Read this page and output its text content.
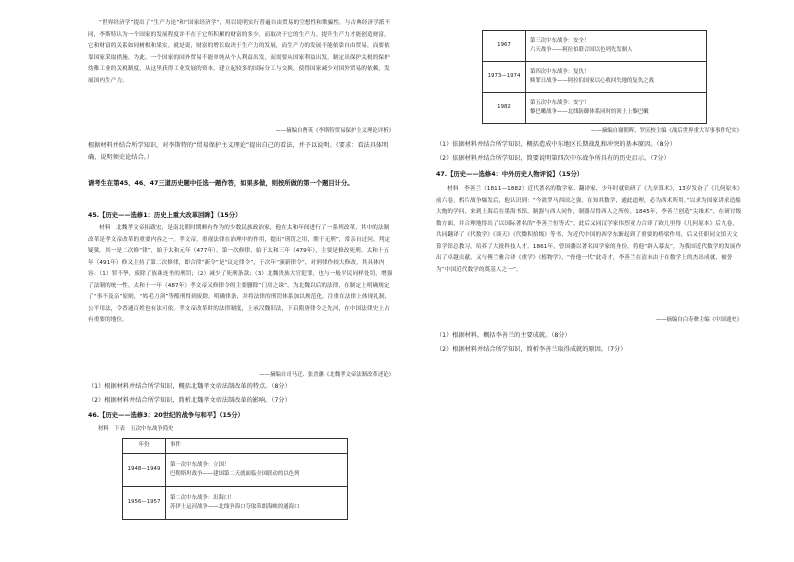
“世界经济学”提出了“生产力论”和“国家经济学”，用以说明实行普遍自由贸易的空想性和欺骗性。与古典经济学派不同，李斯特认为一个国家的发展程度并不在于它所积累的财富的多少，而取决于它的生产力。提升生产力才能创造财富，它和财富的关系如同树根和果实。就是说，财富的增长取决于生产力的发展，而生产力的发展不能依靠自由贸易，而要依靠国家采取措施。为此，一个国家的国外贸易不能单纯从个人利益出发，而需要从国家利益出发，制定出保护关税的保护幼稚工业的关税制度，从这里获得工业发展的资本，建立起较多的国际分工与交换，使得国家减少对国外贸易的依赖，发展国内生产力。
——摘编自曹英《李斯特贸易保护主义理论评析》
根据材料并结合所学知识，对李斯特的“贸易保护主义理论”提出自己的看法，并予以说明。（要求：看法具体明确，说明须史论结合。）
请考生在第45、46、47三道历史题中任选一题作答，如果多做，则按所做的第一个题目计分。
45.【历史——选修1：历史上重大改革回眸】（15分）
材料　北魏孝文帝拓跋宏，是南北朝时期颇有作为的少数民族政治家，他在太和年间进行了一系列改革，其中的法制改革是孝文帝改革的重要内容之一。孝文帝，重视法律在治理中的作用，提出“刑罚之用，期于无刑”，常亲自过问，判定疑狱。其一是二次修“律”，始于太和元年（477年）。第一次修律，始于太和三年（479年），主要是修改死刑。太和十五年（491年）修又主持了第二次修律，即合律“新令”是“议定律令”，于次年“颁新律令”，对刑律作较大修改，其具体内容：（1）罪不孥，废除了族诛连坐的刑罚；（2）减少了死刑条款；（3）北魏贵族大官犯罪，也与一般平民同样处罚，增强了法制的统一性。太和十一年（487年）孝文帝又修律令的主要删除“门房之诛”，为北魏以后的法律，在制定上明确规定了“事不及亲”原则，“鸠毛刀剑”等酷刑得到废除。明确律条，并将法律的刑罚体系加以规范化，注重在法律上体现礼制，公平用法，令普通百姓也有法可依。孝文帝改革时的法律制度，上承汉魏旧法，下启隋唐律令之先河，在中国法律史上占有重要的地位。
——摘编自司马迁、张晋藩《北魏孝文帝法制改革述论》
（1）根据材料并结合所学知识，概括北魏孝文帝法制改革的特点。（8分）
（2）根据材料并结合所学知识，简析北魏孝文帝法制改革的影响。（7分）
46.【历史——选修3：20世纪的战争与和平】（15分）
材料　下表　五次中东战争简史
年份	事件
1948—1949	第一次中东战争：立国！
巴勒斯坦战争——建国第二天就面临全国联动的以色列

1956—1957	第二次中东战争：出海口！
苏伊士运河战争——北线争海口夺取蒂朗海峡的通海口
1967	第三次中东战争：安全！
六天战争——阿拉伯联合国以色列先发制人

1973—1974	第四次中东战争：复仇！
赎罪日战争——阿拉伯国家以心收回失地的复仇之战

1982	第五次中东战争：安宁！
黎巴嫩战争——北线防御体系同时的领土上黎巴嫩
——摘编自谢朝晖、罗庆校主编《战后世界重大军事事件纪实》
（1）依据材料并结合所学知识，概括造成中东地区长期战乱和冲突的基本原因。（8分）
（2）依据材料并结合所学知识，简要说明第四次中东战争所具有的历史启示。（7分）
47.【历史——选修4：中外历史人物评说】（15分）
材料　李善兰（1811—1882）近代著名的数学家、翻译家，少年时就钻研了《九章算术》，13岁发奋了《几何原本》前六卷。鸦片战争爆发后，他认识到：“今欲罗马西国之强，在知其数学，通此道理，必为西术所用。”以求为国家讲求造船大炮的学问，来到上海后在墨海书馆，制器与西人同作，制器尽得西人之所传。1845年，李善兰创造“尖锥术”，在研讨级数方面，并合理地得出了以国际著名的“李善兰恒等式”。此后又同汉学家伟烈亚力合译了欧几里得《几何原本》后九卷，共同翻译了《代数学》《谈天》《代微积拾级》等书，为近代中国的西学东渐起到了重要的桥梁作用，后又任职同文馆天文算学馆总教习，培养了大批科技人才。1861年，曾国藩以著名国学家的身份，将他“辟入幕友”，为我国近代数学的发展作出了卓越贡献。又与傅兰雅合译《重学》《植物学》，“骨他一代”此奇才，李善兰在清末由于在数学上的杰出成就，被誉为“中国近代数学的奠基人之一”。
——摘编自白寿彝主编《中国通史》
（1）根据材料，概括李善兰的主要成就。（8分）
（2）根据材料并结合所学知识，简析李善兰取得成就的原因。（7分）
